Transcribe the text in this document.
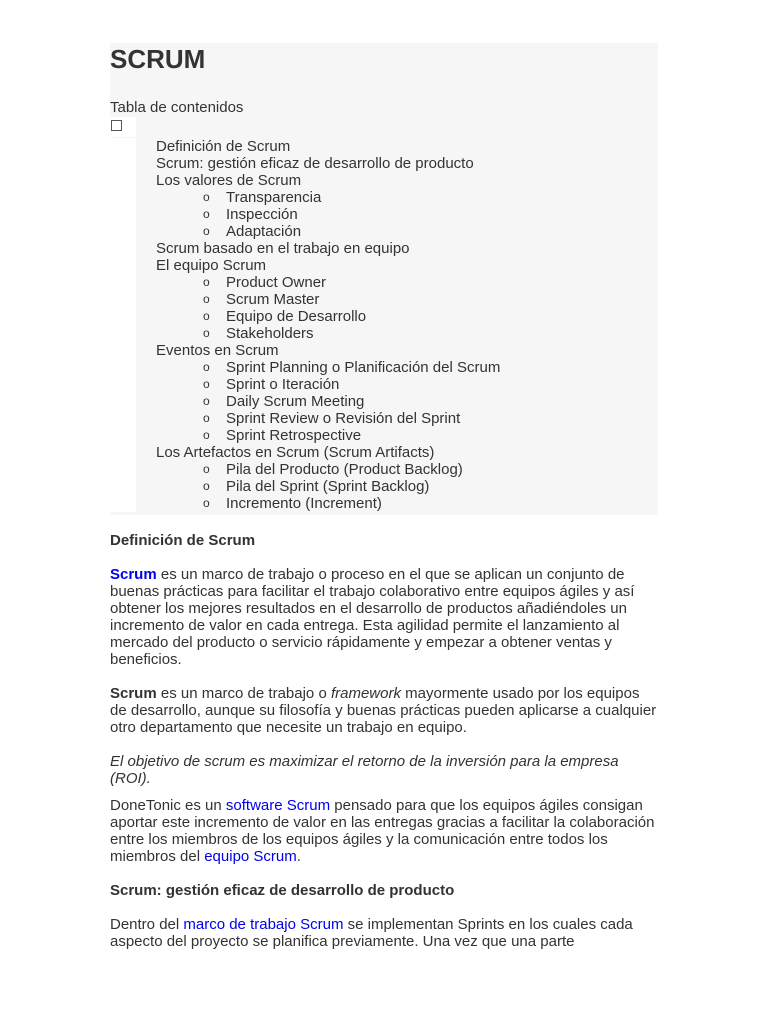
SCRUM
Tabla de contenidos
• Definición de Scrum
• Scrum: gestión eficaz de desarrollo de producto
• Los valores de Scrum
o Transparencia
o Inspección
o Adaptación
• Scrum basado en el trabajo en equipo
• El equipo Scrum
o Product Owner
o Scrum Master
o Equipo de Desarrollo
o Stakeholders
• Eventos en Scrum
o Sprint Planning o Planificación del Scrum
o Sprint o Iteración
o Daily Scrum Meeting
o Sprint Review o Revisión del Sprint
o Sprint Retrospective
• Los Artefactos en Scrum (Scrum Artifacts)
o Pila del Producto (Product Backlog)
o Pila del Sprint (Sprint Backlog)
o Incremento (Increment)

Definición de Scrum

Scrum es un marco de trabajo o proceso en el que se aplican un conjunto de buenas prácticas para facilitar el trabajo colaborativo entre equipos ágiles y así obtener los mejores resultados en el desarrollo de productos añadiéndoles un incremento de valor en cada entrega. Esta agilidad permite el lanzamiento al mercado del producto o servicio rápidamente y empezar a obtener ventas y beneficios.

Scrum es un marco de trabajo o framework mayormente usado por los equipos de desarrollo, aunque su filosofía y buenas prácticas pueden aplicarse a cualquier otro departamento que necesite un trabajo en equipo.

El objetivo de scrum es maximizar el retorno de la inversión para la empresa (ROI).

DoneTonic es un software Scrum pensado para que los equipos ágiles consigan aportar este incremento de valor en las entregas gracias a facilitar la colaboración entre los miembros de los equipos ágiles y la comunicación entre todos los miembros del equipo Scrum.

Scrum: gestión eficaz de desarrollo de producto

Dentro del marco de trabajo Scrum se implementan Sprints en los cuales cada aspecto del proyecto se planifica previamente. Una vez que una parte
